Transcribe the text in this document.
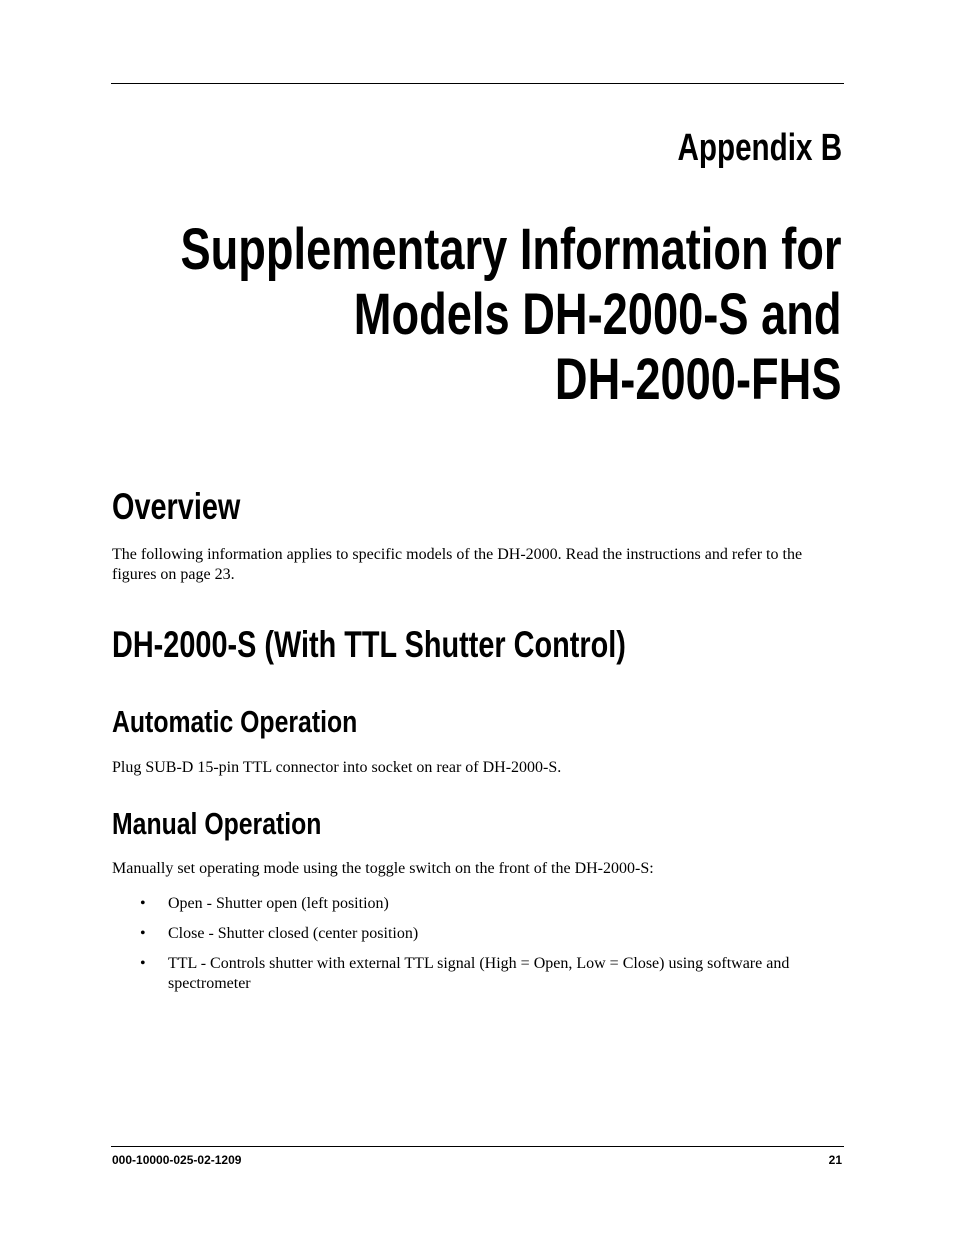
Appendix B
Supplementary Information for
Models DH-2000-S and
DH-2000-FHS
Overview

The following information applies to specific models of the DH-2000. Read the instructions and refer to the figures on page 23.

DH-2000-S (With TTL Shutter Control)
Automatic Operation

Plug SUB-D 15-pin TTL connector into socket on rear of DH-2000-S.

Manual Operation

Manually set operating mode using the toggle switch on the front of the DH-2000-S:

• Open - Shutter open (left position)
• Close - Shutter closed (center position)
• TTL - Controls shutter with external TTL signal (High = Open, Low = Close) using software and spectrometer
000-10000-025-02-1209	21
